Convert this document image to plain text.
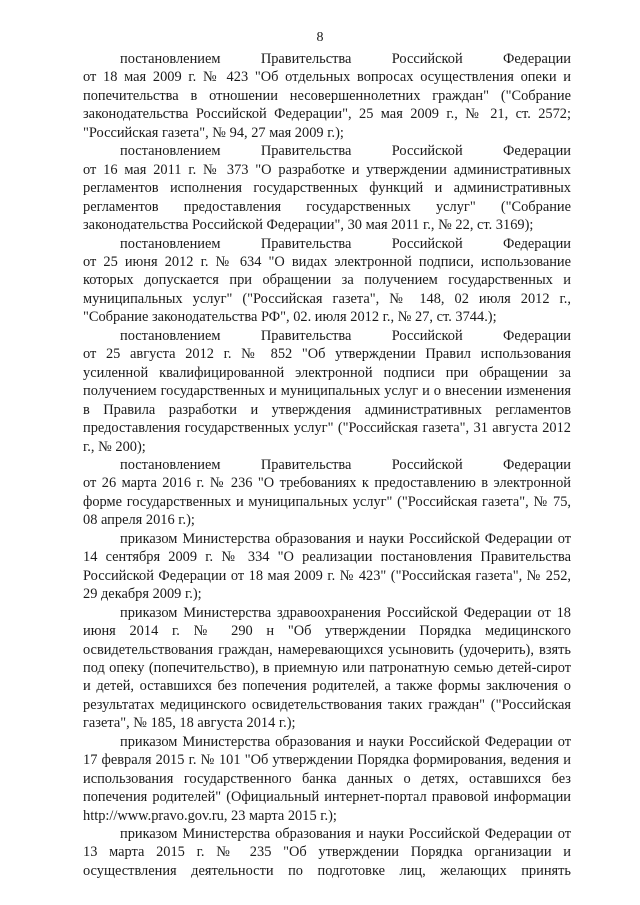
8

постановлением Правительства Российской Федерации
от 18 мая 2009 г. № 423 "Об отдельных вопросах осуществления опеки и попечительства в отношении несовершеннолетних граждан" ("Собрание законодательства Российской Федерации", 25 мая 2009 г., № 21, ст. 2572; "Российская газета", № 94, 27 мая 2009 г.);

постановлением Правительства Российской Федерации
от 16 мая 2011 г. № 373 "О разработке и утверждении административных регламентов исполнения государственных функций и административных регламентов предоставления государственных услуг" ("Собрание законодательства Российской Федерации", 30 мая 2011 г., № 22, ст. 3169);

постановлением Правительства Российской Федерации
от 25 июня 2012 г. № 634 "О видах электронной подписи, использование которых допускается при обращении за получением государственных и муниципальных услуг" ("Российская газета", № 148, 02 июля 2012 г., "Собрание законодательства РФ", 02. июля 2012 г., № 27, ст. 3744.);

постановлением Правительства Российской Федерации
от 25 августа 2012 г. № 852 "Об утверждении Правил использования усиленной квалифицированной электронной подписи при обращении за получением государственных и муниципальных услуг и о внесении изменения в Правила разработки и утверждения административных регламентов предоставления государственных услуг" ("Российская газета", 31 августа 2012 г., № 200);

постановлением Правительства Российской Федерации
от 26 марта 2016 г. № 236 "О требованиях к предоставлению в электронной форме государственных и муниципальных услуг" ("Российская газета", № 75, 08 апреля 2016 г.);

приказом Министерства образования и науки Российской Федерации от 14 сентября 2009 г. № 334 "О реализации постановления Правительства Российской Федерации от 18 мая 2009 г. № 423" ("Российская газета", № 252, 29 декабря 2009 г.);

приказом Министерства здравоохранения Российской Федерации от 18 июня 2014 г. № 290 н "Об утверждении Порядка медицинского освидетельствования граждан, намеревающихся усыновить (удочерить), взять под опеку (попечительство), в приемную или патронатную семью детей-сирот и детей, оставшихся без попечения родителей, а также формы заключения о результатах медицинского освидетельствования таких граждан" ("Российская газета", № 185, 18 августа 2014 г.);

приказом Министерства образования и науки Российской Федерации от 17 февраля 2015 г. № 101 "Об утверждении Порядка формирования, ведения и использования государственного банка данных о детях, оставшихся без попечения родителей" (Официальный интернет-портал правовой информации http://www.pravo.gov.ru, 23 марта 2015 г.);

приказом Министерства образования и науки Российской Федерации от 13 марта 2015 г. № 235 "Об утверждении Порядка организации и осуществления деятельности по подготовке лиц, желающих принять
